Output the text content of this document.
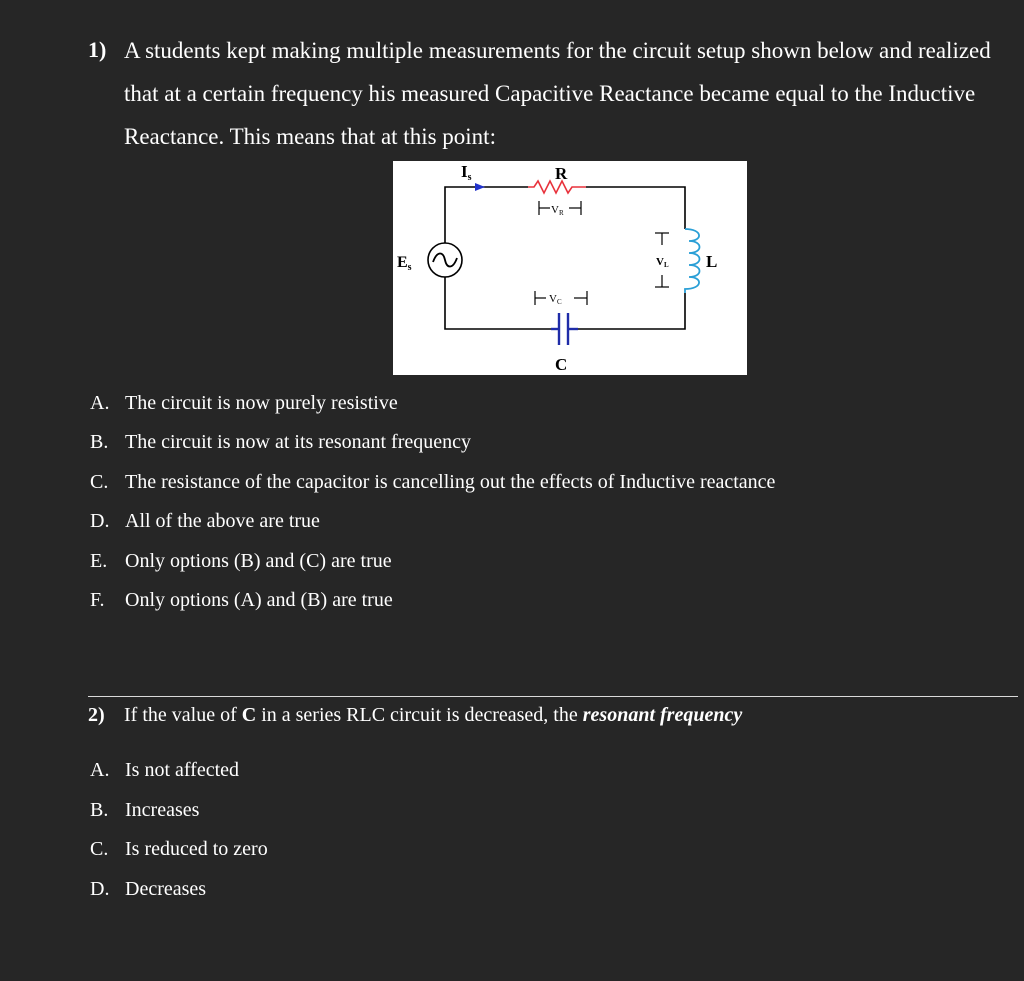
1) A students kept making multiple measurements for the circuit setup shown below and realized that at a certain frequency his measured Capacitive Reactance became equal to the Inductive Reactance. This means that at this point:
Is	R
VR
Es	VL L
VC
C
A. The circuit is now purely resistive
B. The circuit is now at its resonant frequency
C. The resistance of the capacitor is cancelling out the effects of Inductive reactance
D. All of the above are true
E. Only options (B) and (C) are true
F. Only options (A) and (B) are true
2) If the value of C in a series RLC circuit is decreased, the resonant frequency
A. Is not affected
B. Increases
C. Is reduced to zero
D. Decreases
